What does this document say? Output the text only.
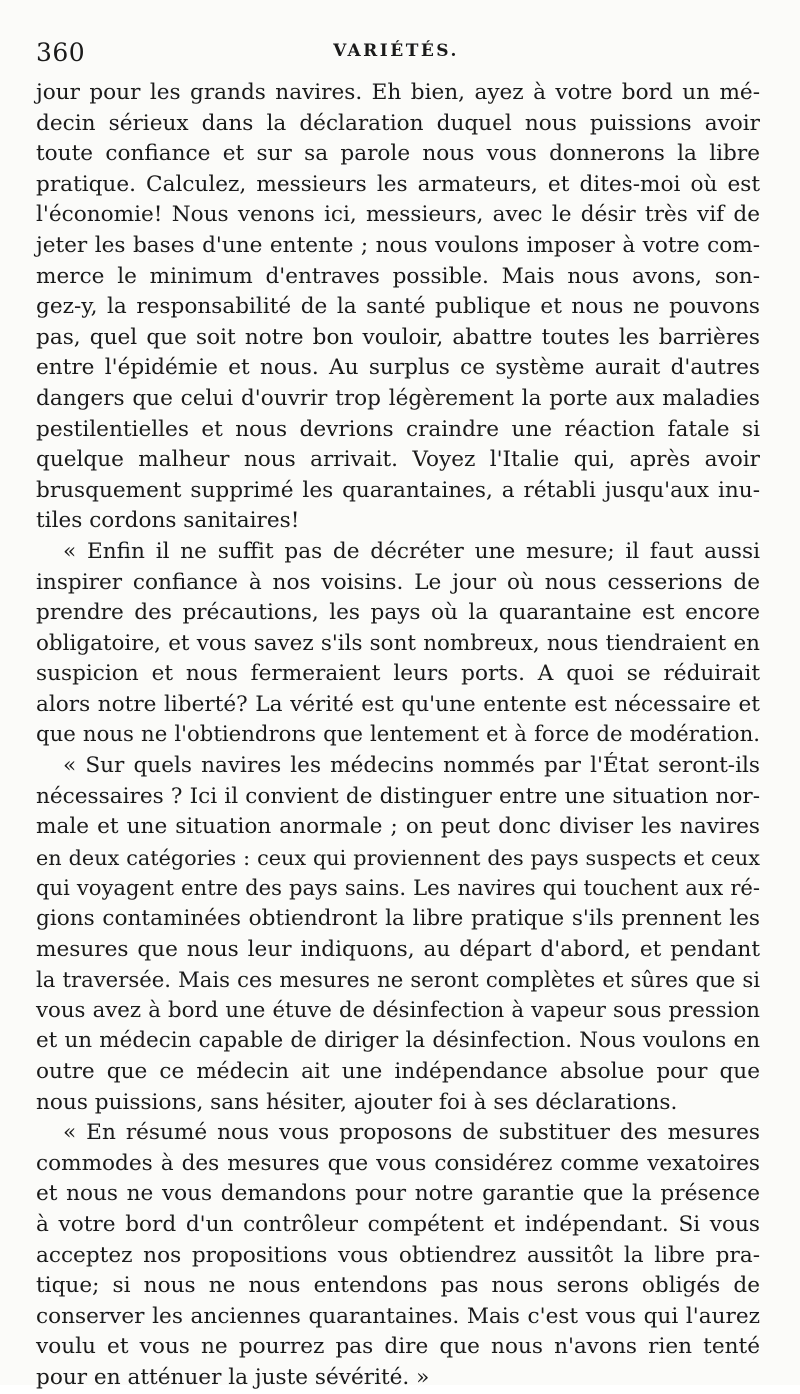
360	VARIÉTÉS.
jour pour les grands navires. Eh bien, ayez à votre bord un mé-
decin sérieux dans la déclaration duquel nous puissions avoir
toute confiance et sur sa parole nous vous donnerons la libre
pratique. Calculez, messieurs les armateurs, et dites-moi où est
l'économie! Nous venons ici, messieurs, avec le désir très vif de
jeter les bases d'une entente ; nous voulons imposer à votre com-
merce le minimum d'entraves possible. Mais nous avons, son-
gez-y, la responsabilité de la santé publique et nous ne pouvons
pas, quel que soit notre bon vouloir, abattre toutes les barrières
entre l'épidémie et nous. Au surplus ce système aurait d'autres
dangers que celui d'ouvrir trop légèrement la porte aux maladies
pestilentielles et nous devrions craindre une réaction fatale si
quelque malheur nous arrivait. Voyez l'Italie qui, après avoir
brusquement supprimé les quarantaines, a rétabli jusqu'aux inu-
tiles cordons sanitaires!
« Enfin il ne suffit pas de décréter une mesure; il faut aussi
inspirer confiance à nos voisins. Le jour où nous cesserions de
prendre des précautions, les pays où la quarantaine est encore
obligatoire, et vous savez s'ils sont nombreux, nous tiendraient en
suspicion et nous fermeraient leurs ports. A quoi se réduirait
alors notre liberté? La vérité est qu'une entente est nécessaire et
que nous ne l'obtiendrons que lentement et à force de modération.
« Sur quels navires les médecins nommés par l'État seront-ils
nécessaires ? Ici il convient de distinguer entre une situation nor-
male et une situation anormale ; on peut donc diviser les navires
en deux catégories : ceux qui proviennent des pays suspects et ceux
qui voyagent entre des pays sains. Les navires qui touchent aux ré-
gions contaminées obtiendront la libre pratique s'ils prennent les
mesures que nous leur indiquons, au départ d'abord, et pendant
la traversée. Mais ces mesures ne seront complètes et sûres que si
vous avez à bord une étuve de désinfection à vapeur sous pression
et un médecin capable de diriger la désinfection. Nous voulons en
outre que ce médecin ait une indépendance absolue pour que
nous puissions, sans hésiter, ajouter foi à ses déclarations.
« En résumé nous vous proposons de substituer des mesures
commodes à des mesures que vous considérez comme vexatoires
et nous ne vous demandons pour notre garantie que la présence
à votre bord d'un contrôleur compétent et indépendant. Si vous
acceptez nos propositions vous obtiendrez aussitôt la libre pra-
tique; si nous ne nous entendons pas nous serons obligés de
conserver les anciennes quarantaines. Mais c'est vous qui l'aurez
voulu et vous ne pourrez pas dire que nous n'avons rien tenté
pour en atténuer la juste sévérité. »
